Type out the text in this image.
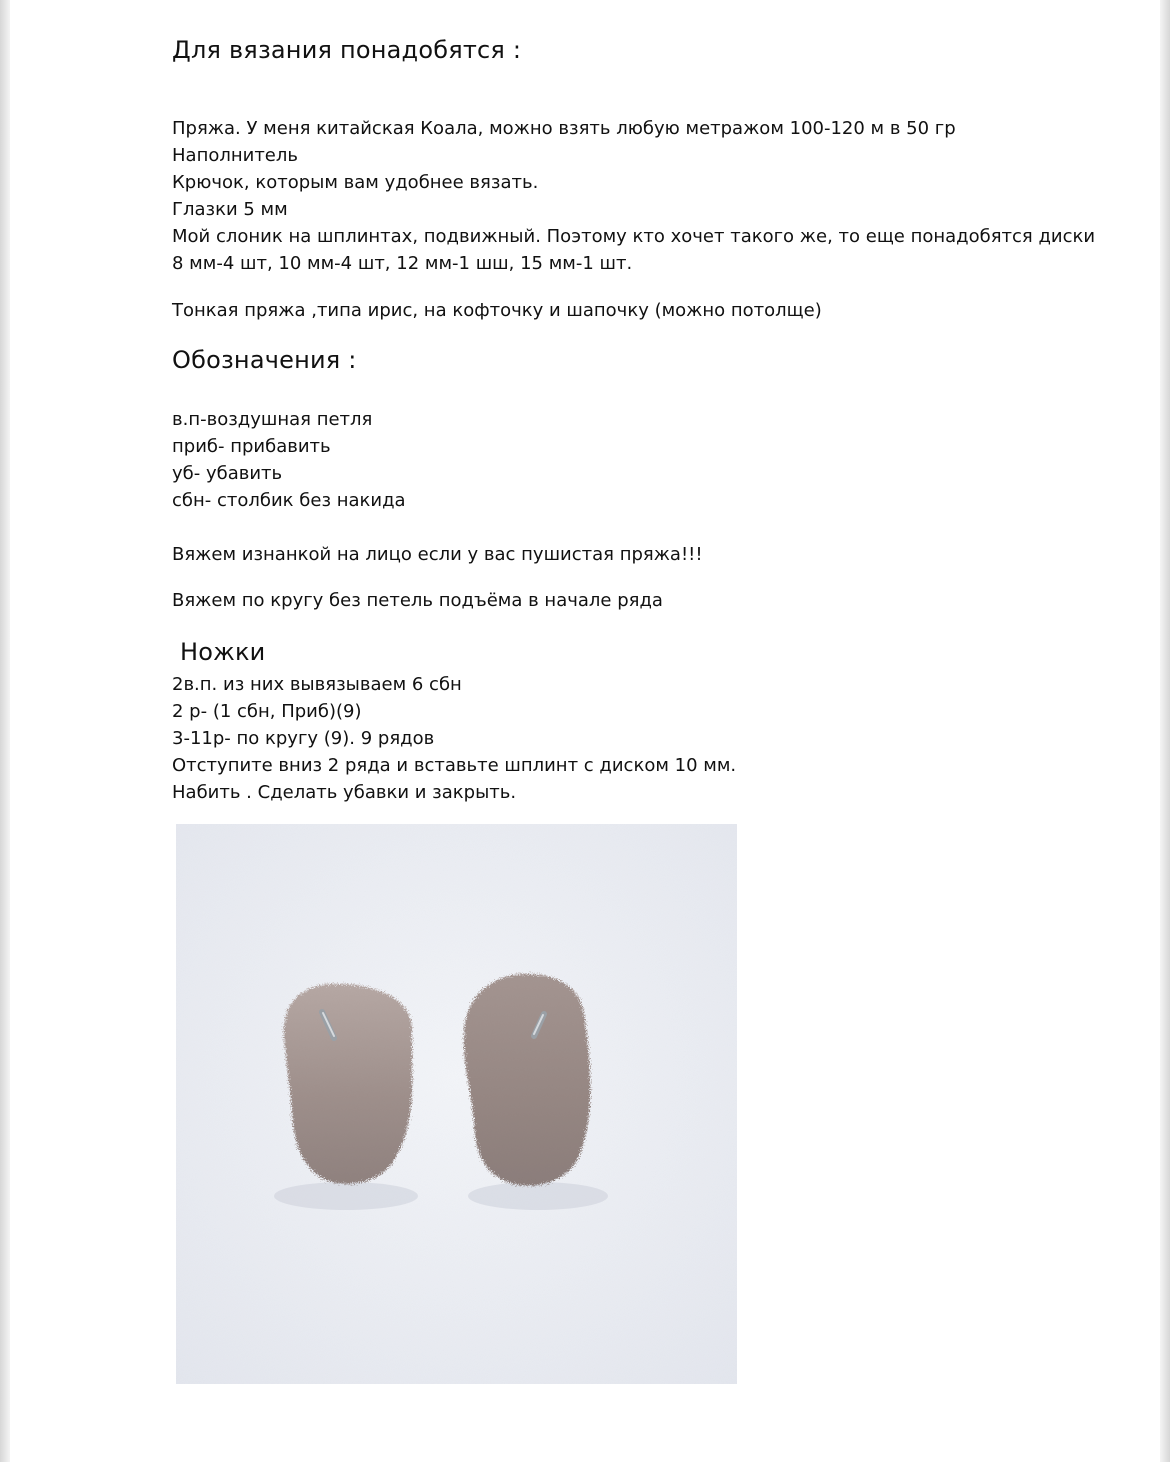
Для вязания понадобятся :

Пряжа. У меня китайская Коала, можно взять любую метражом 100-120 м в 50 гр

Наполнитель

Крючок, которым вам удобнее вязать.

Глазки 5 мм

Мой слоник на шплинтах, подвижный. Поэтому кто хочет такого же, то еще понадобятся диски

8 мм-4 шт, 10 мм-4 шт, 12 мм-1 шш, 15 мм-1 шт.

Тонкая пряжа ,типа ирис, на кофточку и шапочку (можно потолще)

Обозначения :

в.п-воздушная петля

приб- прибавить

уб- убавить

сбн- столбик без накида

Вяжем изнанкой на лицо если у вас пушистая пряжа!!!

Вяжем по кругу без петель подъёма в начале ряда

Ножки

2в.п. из них вывязываем 6 сбн

2 р- (1 сбн, Приб)(9)

3-11р- по кругу (9). 9 рядов

Отступите вниз 2 ряда и вставьте шплинт с диском 10 мм.

Набить . Сделать убавки и закрыть.
